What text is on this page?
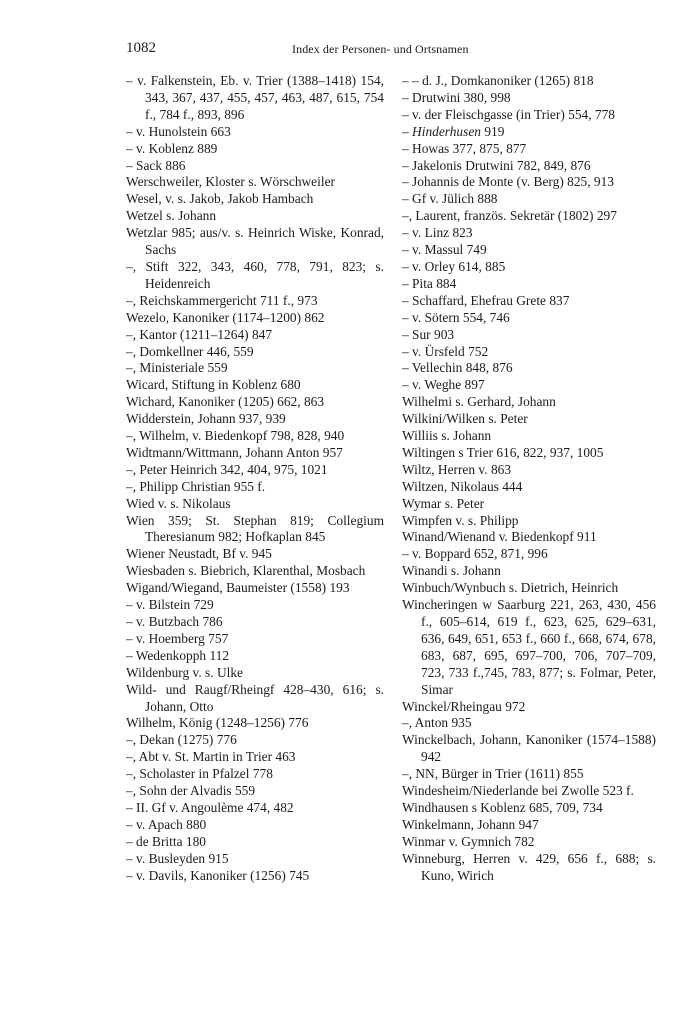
1082	Index der Personen- und Ortsnamen

– v. Falkenstein, Eb. v. Trier (1388–1418) 154, 343, 367, 437, 455, 457, 463, 487, 615, 754 f., 784 f., 893, 896

– v. Hunolstein 663

– v. Koblenz 889

– Sack 886

Werschweiler, Kloster s. Wörschweiler

Wesel, v. s. Jakob, Jakob Hambach

Wetzel s. Johann

Wetzlar 985; aus/v. s. Heinrich Wiske, Konrad, Sachs

–, Stift 322, 343, 460, 778, 791, 823; s. Heidenreich

–, Reichskammergericht 711 f., 973

Wezelo, Kanoniker (1174–1200) 862

–, Kantor (1211–1264) 847

–, Domkellner 446, 559

–, Ministeriale 559

Wicard, Stiftung in Koblenz 680

Wichard, Kanoniker (1205) 662, 863

Widderstein, Johann 937, 939

–, Wilhelm, v. Biedenkopf 798, 828, 940

Widtmann/Wittmann, Johann Anton 957

–, Peter Heinrich 342, 404, 975, 1021

–, Philipp Christian 955 f.

Wied v. s. Nikolaus

Wien 359; St. Stephan 819; Collegium Theresianum 982; Hofkaplan 845

Wiener Neustadt, Bf v. 945

Wiesbaden s. Biebrich, Klarenthal, Mosbach

Wigand/Wiegand, Baumeister (1558) 193

– v. Bilstein 729

– v. Butzbach 786

– v. Hoemberg 757

– Wedenkopph 112

Wildenburg v. s. Ulke

Wild- und Raugf/Rheingf 428–430, 616; s. Johann, Otto

Wilhelm, König (1248–1256) 776

–, Dekan (1275) 776

–, Abt v. St. Martin in Trier 463

–, Scholaster in Pfalzel 778

–, Sohn der Alvadis 559

– II. Gf v. Angoulème 474, 482

– v. Apach 880

– de Britta 180

– v. Busleyden 915

– v. Davils, Kanoniker (1256) 745

– – d. J., Domkanoniker (1265) 818

– Drutwini 380, 998

– v. der Fleischgasse (in Trier) 554, 778

– Hinderhusen 919

– Howas 377, 875, 877

– Jakelonis Drutwini 782, 849, 876

– Johannis de Monte (v. Berg) 825, 913

– Gf v. Jülich 888

–, Laurent, französ. Sekretär (1802) 297

– v. Linz 823

– v. Massul 749

– v. Orley 614, 885

– Pita 884

– Schaffard, Ehefrau Grete 837

– v. Sötern 554, 746

– Sur 903

– v. Ürsfeld 752

– Vellechin 848, 876

– v. Weghe 897

Wilhelmi s. Gerhard, Johann

Wilkini/Wilken s. Peter

Williis s. Johann

Wiltingen s Trier 616, 822, 937, 1005

Wiltz, Herren v. 863

Wiltzen, Nikolaus 444

Wymar s. Peter

Wimpfen v. s. Philipp

Winand/Wienand v. Biedenkopf 911

– v. Boppard 652, 871, 996

Winandi s. Johann

Winbuch/Wynbuch s. Dietrich, Heinrich

Wincheringen w Saarburg 221, 263, 430, 456 f., 605–614, 619 f., 623, 625, 629–631, 636, 649, 651, 653 f., 660 f., 668, 674, 678, 683, 687, 695, 697–700, 706, 707–709, 723, 733 f.,745, 783, 877; s. Folmar, Peter, Simar

Winckel/Rheingau 972

–, Anton 935

Winckelbach, Johann, Kanoniker (1574–1588) 942

–, NN, Bürger in Trier (1611) 855

Windesheim/Niederlande bei Zwolle 523 f.

Windhausen s Koblenz 685, 709, 734

Winkelmann, Johann 947

Winmar v. Gymnich 782

Winneburg, Herren v. 429, 656 f., 688; s. Kuno, Wirich
